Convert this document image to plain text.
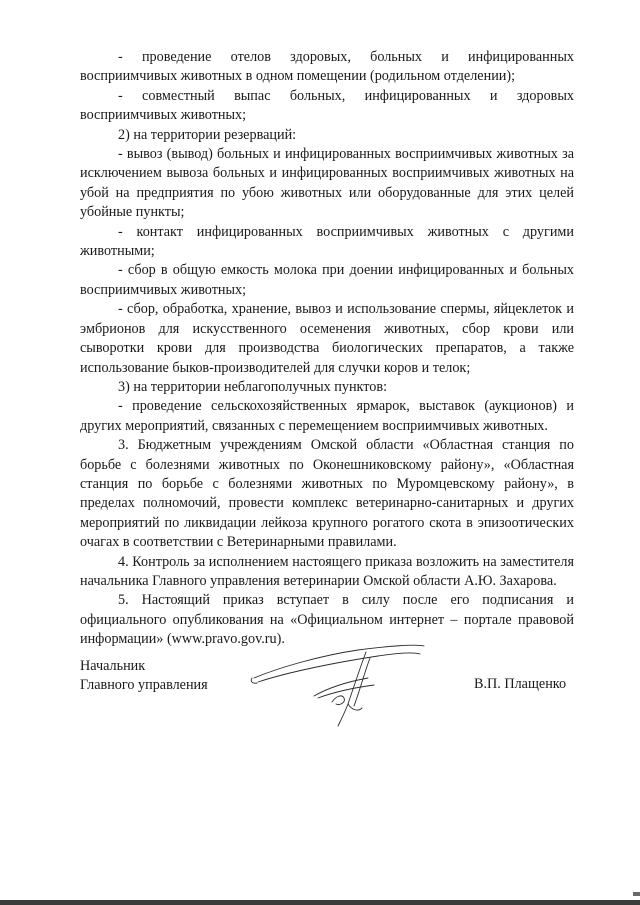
- проведение отелов здоровых, больных и инфицированных восприимчивых животных в одном помещении (родильном отделении);

- совместный выпас больных, инфицированных и здоровых восприимчивых животных;

2) на территории резерваций:

- вывоз (вывод) больных и инфицированных восприимчивых животных за исключением вывоза больных и инфицированных восприимчивых животных на убой на предприятия по убою животных или оборудованные для этих целей убойные пункты;

- контакт инфицированных восприимчивых животных с другими животными;

- сбор в общую емкость молока при доении инфицированных и больных восприимчивых животных;

- сбор, обработка, хранение, вывоз и использование спермы, яйцеклеток и эмбрионов для искусственного осеменения животных, сбор крови или сыворотки крови для производства биологических препаратов, а также использование быков-производителей для случки коров и телок;

3) на территории неблагополучных пунктов:

- проведение сельскохозяйственных ярмарок, выставок (аукционов) и других мероприятий, связанных с перемещением восприимчивых животных.

3. Бюджетным учреждениям Омской области «Областная станция по борьбе с болезнями животных по Оконешниковскому району», «Областная станция по борьбе с болезнями животных по Муромцевскому району», в пределах полномочий, провести комплекс ветеринарно-санитарных и других мероприятий по ликвидации лейкоза крупного рогатого скота в эпизоотических очагах в соответствии с Ветеринарными правилами.

4. Контроль за исполнением настоящего приказа возложить на заместителя начальника Главного управления ветеринарии Омской области А.Ю. Захарова.

5. Настоящий приказ вступает в силу после его подписания и официального опубликования на «Официальном интернет – портале правовой информации» (www.pravo.gov.ru).

Начальник

Главного управления	В.П. Плащенко
